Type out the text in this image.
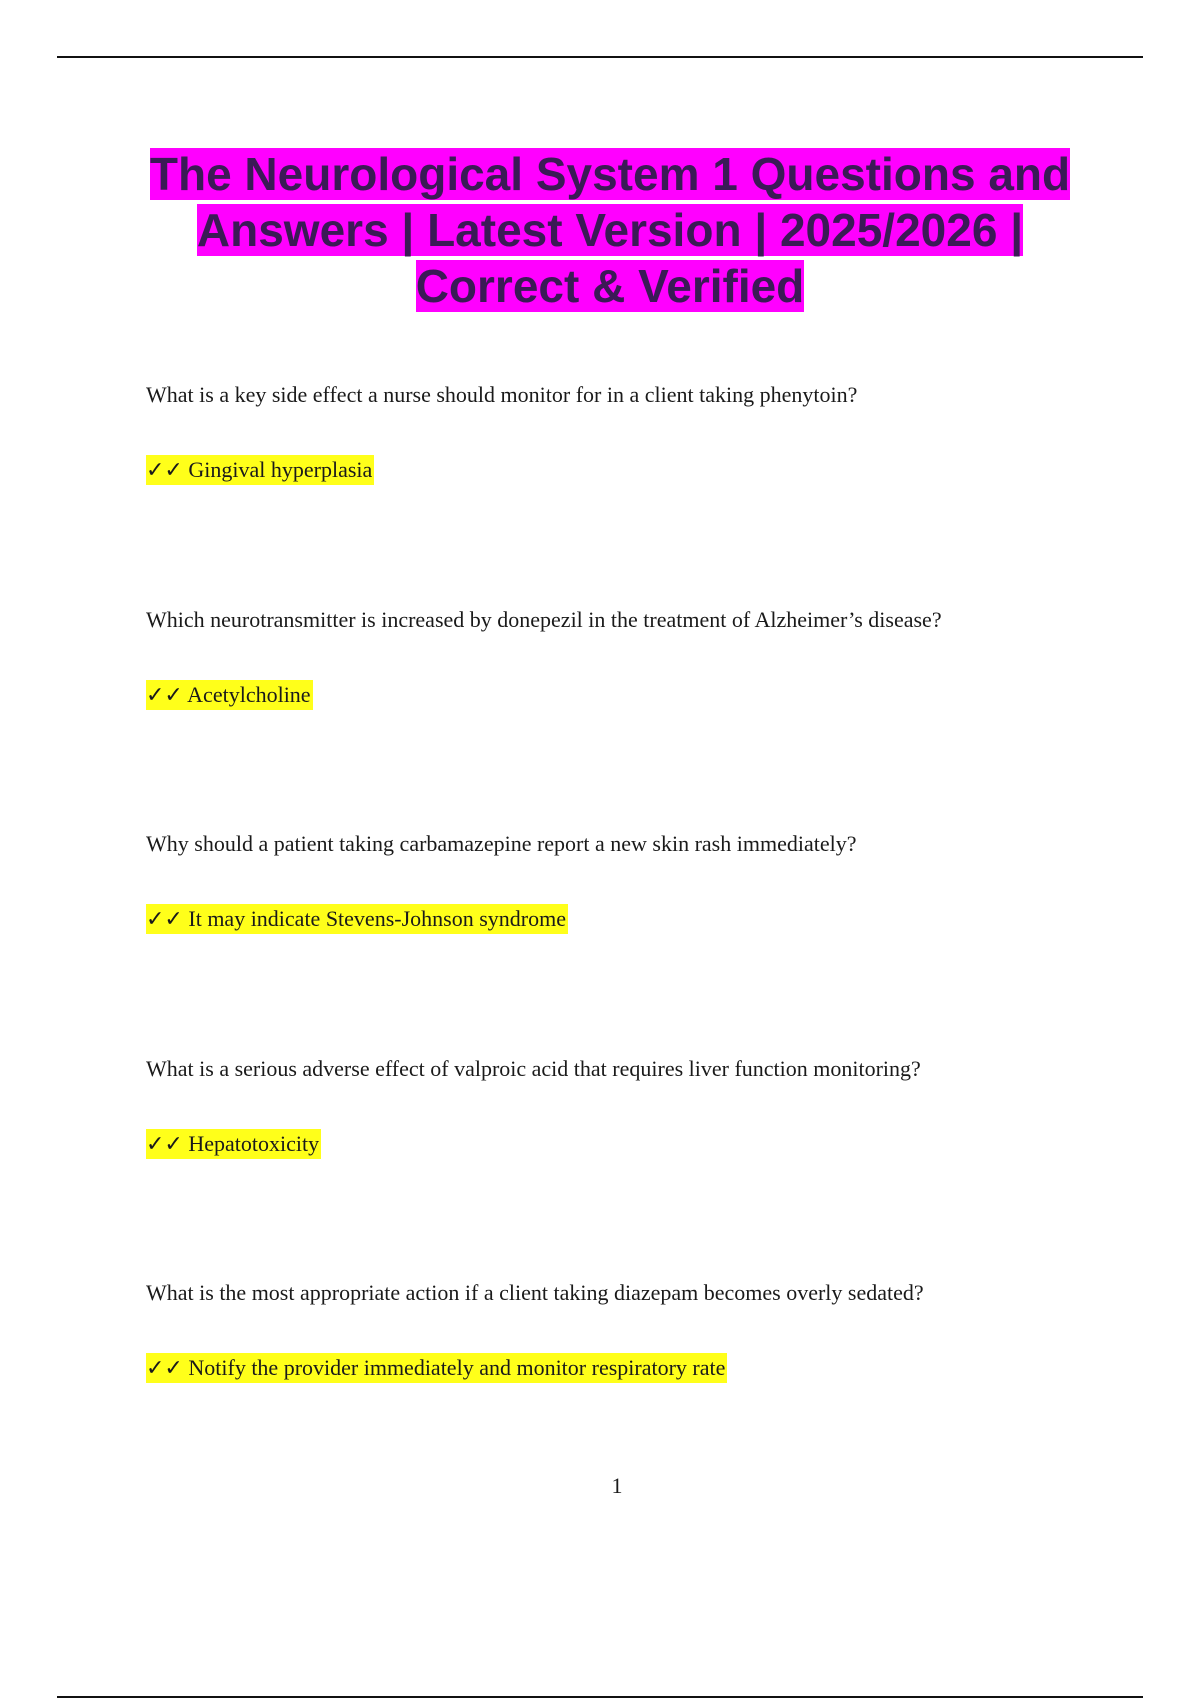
The Neurological System 1 Questions and Answers | Latest Version | 2025/2026 | Correct & Verified
What is a key side effect a nurse should monitor for in a client taking phenytoin?
✓✓ Gingival hyperplasia
Which neurotransmitter is increased by donepezil in the treatment of Alzheimer’s disease?
✓✓ Acetylcholine
Why should a patient taking carbamazepine report a new skin rash immediately?
✓✓ It may indicate Stevens-Johnson syndrome
What is a serious adverse effect of valproic acid that requires liver function monitoring?
✓✓ Hepatotoxicity
What is the most appropriate action if a client taking diazepam becomes overly sedated?
✓✓ Notify the provider immediately and monitor respiratory rate
1
